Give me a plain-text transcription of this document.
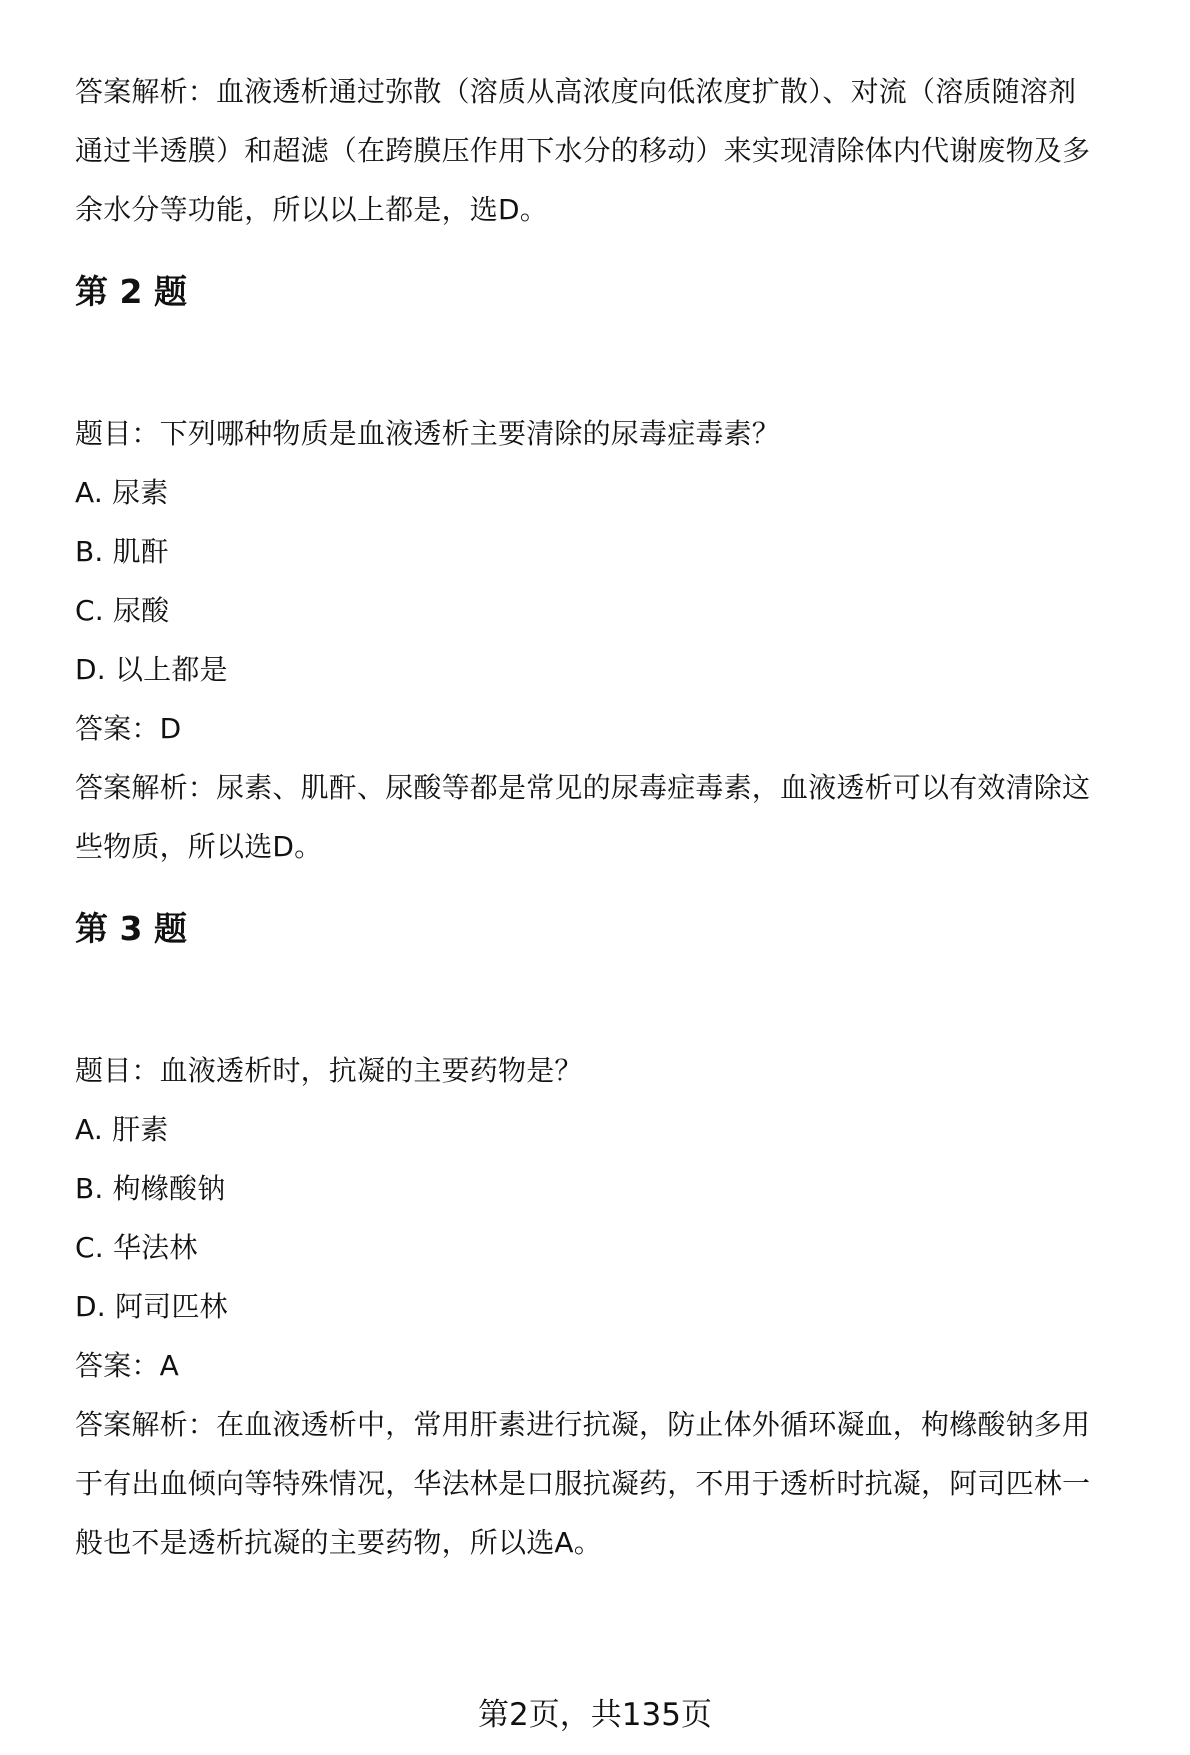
答案解析：血液透析通过弥散（溶质从高浓度向低浓度扩散）、对流（溶质随溶剂

通过半透膜）和超滤（在跨膜压作用下水分的移动）来实现清除体内代谢废物及多

余水分等功能，所以以上都是，选D。

第 2 题

题目：下列哪种物质是血液透析主要清除的尿毒症毒素？

A. 尿素

B. 肌酐

C. 尿酸

D. 以上都是

答案：D

答案解析：尿素、肌酐、尿酸等都是常见的尿毒症毒素，血液透析可以有效清除这

些物质，所以选D。

第 3 题

题目：血液透析时，抗凝的主要药物是？

A. 肝素

B. 枸橼酸钠

C. 华法林

D. 阿司匹林

答案：A

答案解析：在血液透析中，常用肝素进行抗凝，防止体外循环凝血，枸橼酸钠多用

于有出血倾向等特殊情况，华法林是口服抗凝药，不用于透析时抗凝，阿司匹林一

般也不是透析抗凝的主要药物，所以选A。

第2页，共135页
